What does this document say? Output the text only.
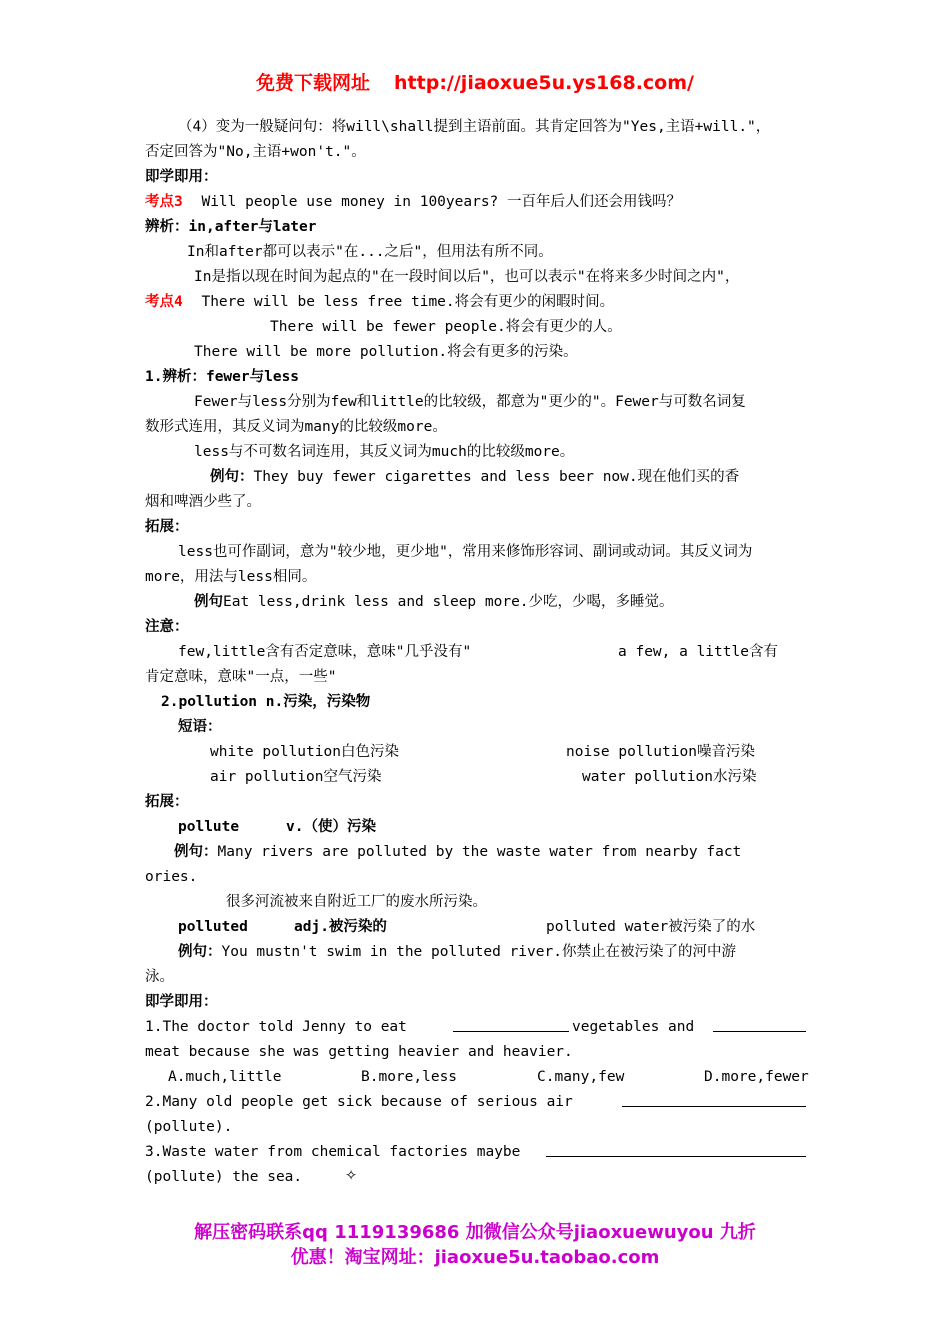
免费下载网址 http://jiaoxue5u.ys168.com/
（4）变为一般疑问句：将will\shall提到主语前面。其肯定回答为"Yes,主语+will."，
否定回答为"No,主语+won't."。
即学即用：
考点3 Will people use money in 100years? 一百年后人们还会用钱吗？
辨析：in,after与later
In和after都可以表示"在...之后"，但用法有所不同。
In是指以现在时间为起点的"在一段时间以后"，也可以表示"在将来多少时间之内"，
考点4 There will be less free time.将会有更少的闲暇时间。
There will be fewer people.将会有更少的人。
There will be more pollution.将会有更多的污染。
1.辨析：fewer与less
Fewer与less分别为few和little的比较级，都意为"更少的"。Fewer与可数名词复
数形式连用，其反义词为many的比较级more。
less与不可数名词连用，其反义词为much的比较级more。
例句：They buy fewer cigarettes and less beer now.现在他们买的香
烟和啤酒少些了。
拓展：
less也可作副词，意为"较少地，更少地"，常用来修饰形容词、副词或动词。其反义词为
more，用法与less相同。
例句Eat less,drink less and sleep more.少吃，少喝，多睡觉。
注意：
few,little含有否定意味，意味"几乎没有"	a few, a little含有
肯定意味，意味"一点，一些"
2.pollution n.污染，污染物
短语：
white pollution白色污染	noise pollution噪音污染
air pollution空气污染	water pollution水污染
拓展：
pollute	v.（使）污染
例句：Many rivers are polluted by the waste water from nearby fact
ories.
很多河流被来自附近工厂的废水所污染。
polluted	adj.被污染的	polluted water被污染了的水
例句：You mustn't swim in the polluted river.你禁止在被污染了的河中游
泳。
即学即用：
1.The doctor told Jenny to eat	vegetables and
meat because she was getting heavier and heavier.
A.much,little	B.more,less	C.many,few	D.more,fewer
2.Many old people get sick because of serious air
(pollute).
3.Waste water from chemical factories maybe
(pollute) the sea.	✧
解压密码联系qq 1119139686 加微信公众号jiaoxuewuyou 九折
优惠！淘宝网址：jiaoxue5u.taobao.com
